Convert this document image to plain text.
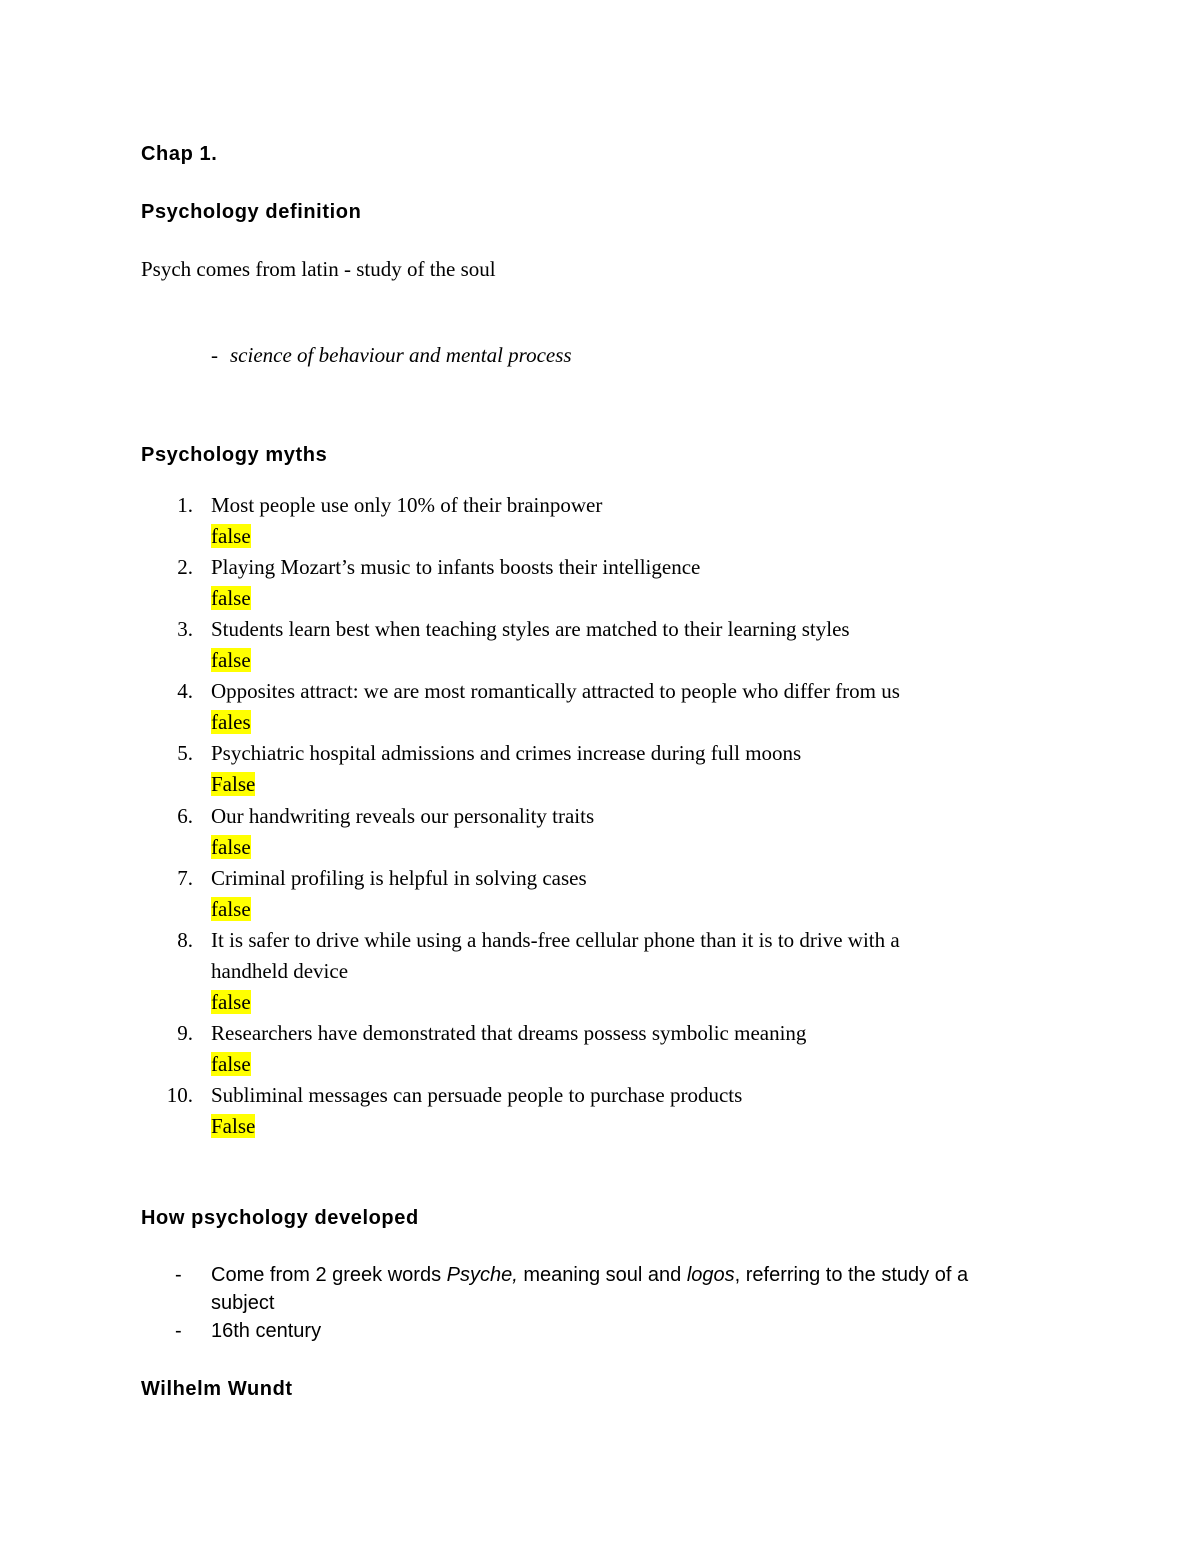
Chap 1.
Psychology definition
Psych comes from latin - study of the soul
- science of behaviour and mental process
Psychology myths
1. Most people use only 10% of their brainpower
false
2. Playing Mozart’s music to infants boosts their intelligence
false
3. Students learn best when teaching styles are matched to their learning styles
false
4. Opposites attract: we are most romantically attracted to people who differ from us
fales
5. Psychiatric hospital admissions and crimes increase during full moons
False
6. Our handwriting reveals our personality traits
false
7. Criminal profiling is helpful in solving cases
false
8. It is safer to drive while using a hands-free cellular phone than it is to drive with a
handheld device
false
9. Researchers have demonstrated that dreams possess symbolic meaning
false
10. Subliminal messages can persuade people to purchase products
False
How psychology developed
- Come from 2 greek words Psyche, meaning soul and logos, referring to the study of a
subject
- 16th century
Wilhelm Wundt
